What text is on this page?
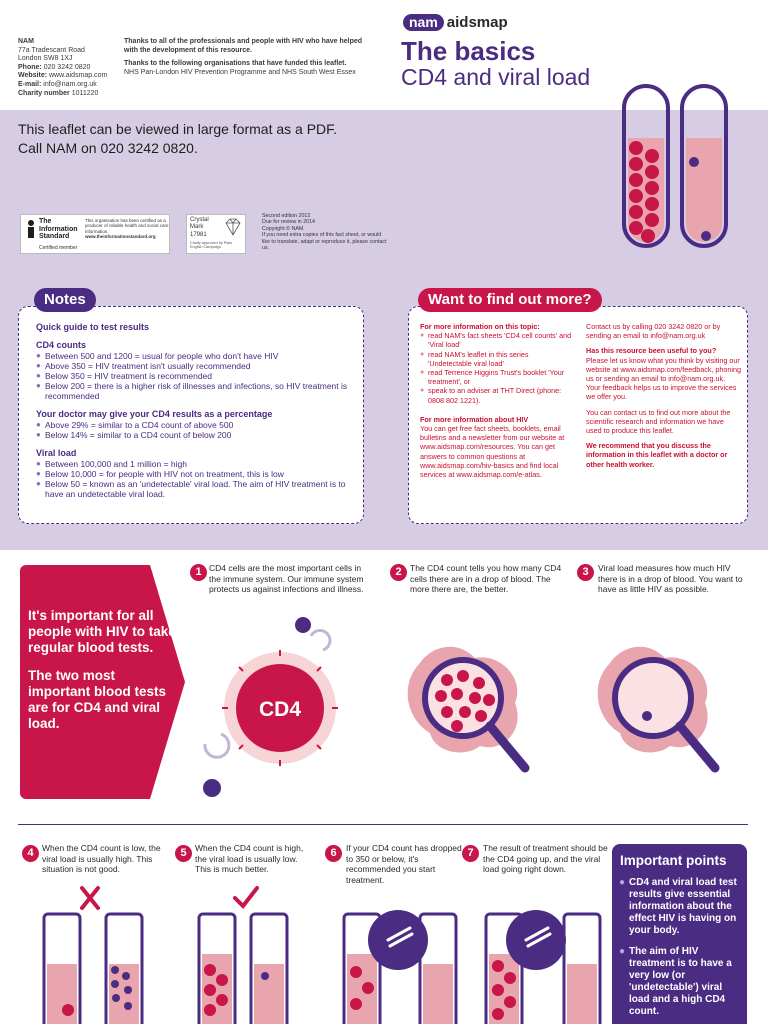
NAM
77a Tradescant Road
London SW8 1XJ
Phone: 020 3242 0820
Website: www.aidsmap.com
E-mail: info@nam.org.uk
Charity number 1011220
Thanks to all of the professionals and people with HIV who have helped with the development of this resource.
Thanks to the following organisations that have funded this leaflet.
NHS Pan-London HIV Prevention Programme and NHS South West Essex
nam aidsmap
The basics
CD4 and viral load
This leaflet can be viewed in large format as a PDF.
Call NAM on 020 3242 0820.
The
Information
Standard
Certified member
This organisation has been certified as a producer of reliable health and social care information.
www.theinformationstandard.org
Crystal Mark
17981
Clarity approved by Plain English Campaign
Second edition 2012
Due for review in 2014
Copyright © NAM.
If you need extra copies of this fact sheet, or would like to translate, adapt or reproduce it, please contact us.
Quick guide to test results
CD4 counts
● Between 500 and 1200 = usual for people who don't have HIV
● Above 350 = HIV treatment isn't usually recommended
● Below 350 = HIV treatment is recommended
● Below 200 = there is a higher risk of illnesses and infections, so HIV treatment is recommended
Your doctor may give your CD4 results as a percentage
● Above 29% = similar to a CD4 count of above 500
● Below 14% = similar to a CD4 count of below 200
Viral load
● Between 100,000 and 1 million = high
● Below 10,000 = for people with HIV not on treatment, this is low
● Below 50 = known as an 'undetectable' viral load. The aim of HIV treatment is to have an undetectable viral load.
Notes
For more information on this topic:
● read NAM's fact sheets 'CD4 cell counts' and 'Viral load'
● read NAM's leaflet in this series 'Undetectable viral load'
● read Terrence Higgins Trust's booklet 'Your treatment', or
● speak to an adviser at THT Direct (phone: 0808 802 1221).
For more information about HIV
You can get free fact sheets, booklets, email bulletins and a newsletter from our website at www.aidsmap.com/resources. You can get answers to common questions at www.aidsmap.com/hiv-basics and find local services at www.aidsmap.com/e-atlas.
Contact us by calling 020 3242 0820 or by sending an email to info@nam.org.uk
Has this resource been useful to you?
Please let us know what you think by visiting our website at www.aidsmap.com/feedback, phoning us or sending an email to info@nam.org.uk. Your feedback helps us to improve the services we offer you.
You can contact us to find out more about the scientific research and information we have used to produce this leaflet.
We recommend that you discuss the information in this leaflet with a doctor or other health worker.
Want to find out more?
It's important for all people with HIV to take regular blood tests.
The two most important blood tests are for CD4 and viral load.
1 CD4 cells are the most important cells in the immune system. Our immune system protects us against infections and illness.
CD4
2 The CD4 count tells you how many CD4 cells there are in a drop of blood. The more there are, the better.
3	Viral load measures how much HIV there is in a drop of blood. You want to have as little HIV as possible.
4 When the CD4 count is low, the viral load is usually high. This situation is not good.
5 When the CD4 count is high, the viral load is usually low. This is much better.
6	If your CD4 count has dropped to 350 or below, it's recommended you start treatment.
7	The result of treatment should be the CD4 going up, and the viral load going right down.
Important points
● CD4 and viral load test results give essential information about the effect HIV is having on your body.
● The aim of HIV treatment is to have a very low (or 'undetectable') viral load and a high CD4 count.
